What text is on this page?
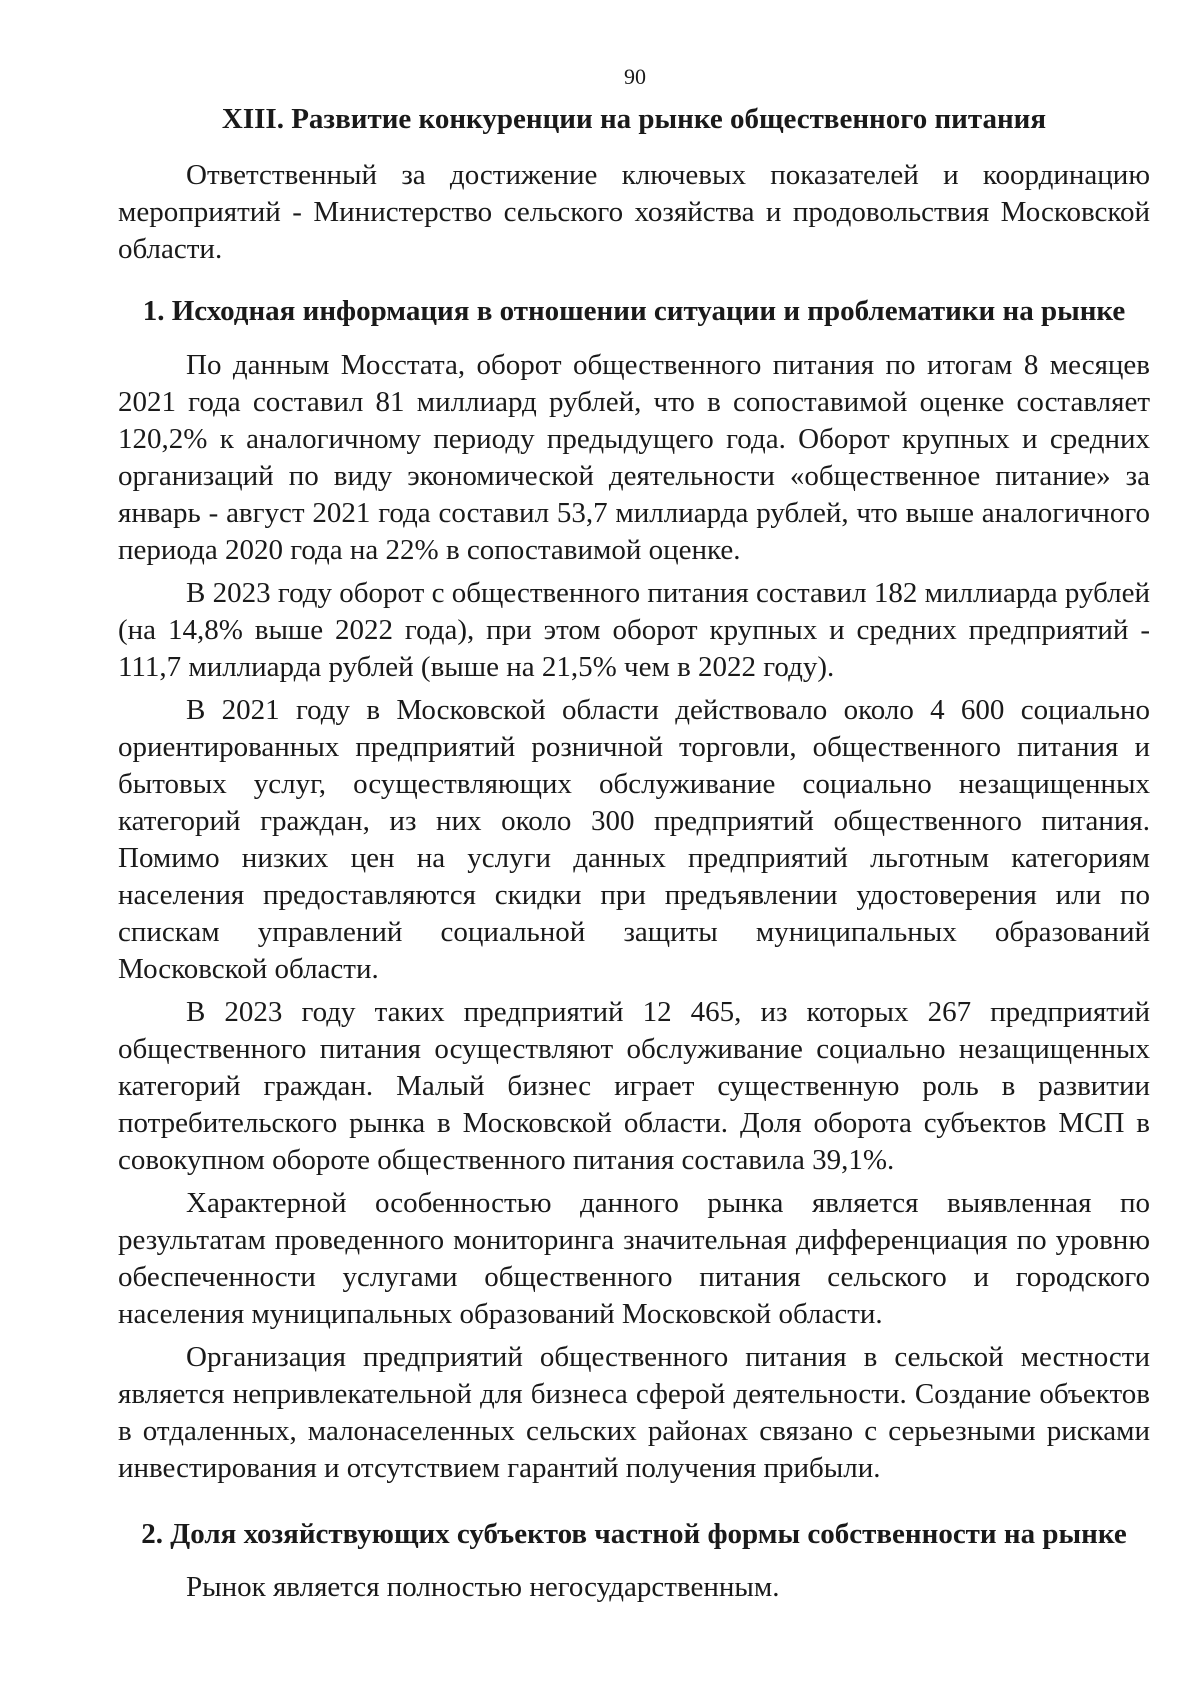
90
XIII. Развитие конкуренции на рынке общественного питания

Ответственный за достижение ключевых показателей и координацию мероприятий - Министерство сельского хозяйства и продовольствия Московской области.

1. Исходная информация в отношении ситуации и проблематики на рынке

По данным Мосстата, оборот общественного питания по итогам 8 месяцев 2021 года составил 81 миллиард рублей, что в сопоставимой оценке составляет 120,2% к аналогичному периоду предыдущего года. Оборот крупных и средних организаций по виду экономической деятельности «общественное питание» за январь - август 2021 года составил 53,7 миллиарда рублей, что выше аналогичного периода 2020 года на 22% в сопоставимой оценке.

В 2023 году оборот с общественного питания составил 182 миллиарда рублей (на 14,8% выше 2022 года), при этом оборот крупных и средних предприятий - 111,7 миллиарда рублей (выше на 21,5% чем в 2022 году).

В 2021 году в Московской области действовало около 4 600 социально ориентированных предприятий розничной торговли, общественного питания и бытовых услуг, осуществляющих обслуживание социально незащищенных категорий граждан, из них около 300 предприятий общественного питания. Помимо низких цен на услуги данных предприятий льготным категориям населения предоставляются скидки при предъявлении удостоверения или по спискам управлений социальной защиты муниципальных образований Московской области.

В 2023 году таких предприятий 12 465, из которых 267 предприятий общественного питания осуществляют обслуживание социально незащищенных категорий граждан. Малый бизнес играет существенную роль в развитии потребительского рынка в Московской области. Доля оборота субъектов МСП в совокупном обороте общественного питания составила 39,1%.

Характерной особенностью данного рынка является выявленная по результатам проведенного мониторинга значительная дифференциация по уровню обеспеченности услугами общественного питания сельского и городского населения муниципальных образований Московской области.

Организация предприятий общественного питания в сельской местности является непривлекательной для бизнеса сферой деятельности. Создание объектов в отдаленных, малонаселенных сельских районах связано с серьезными рисками инвестирования и отсутствием гарантий получения прибыли.

2. Доля хозяйствующих субъектов частной формы собственности на рынке

Рынок является полностью негосударственным.
